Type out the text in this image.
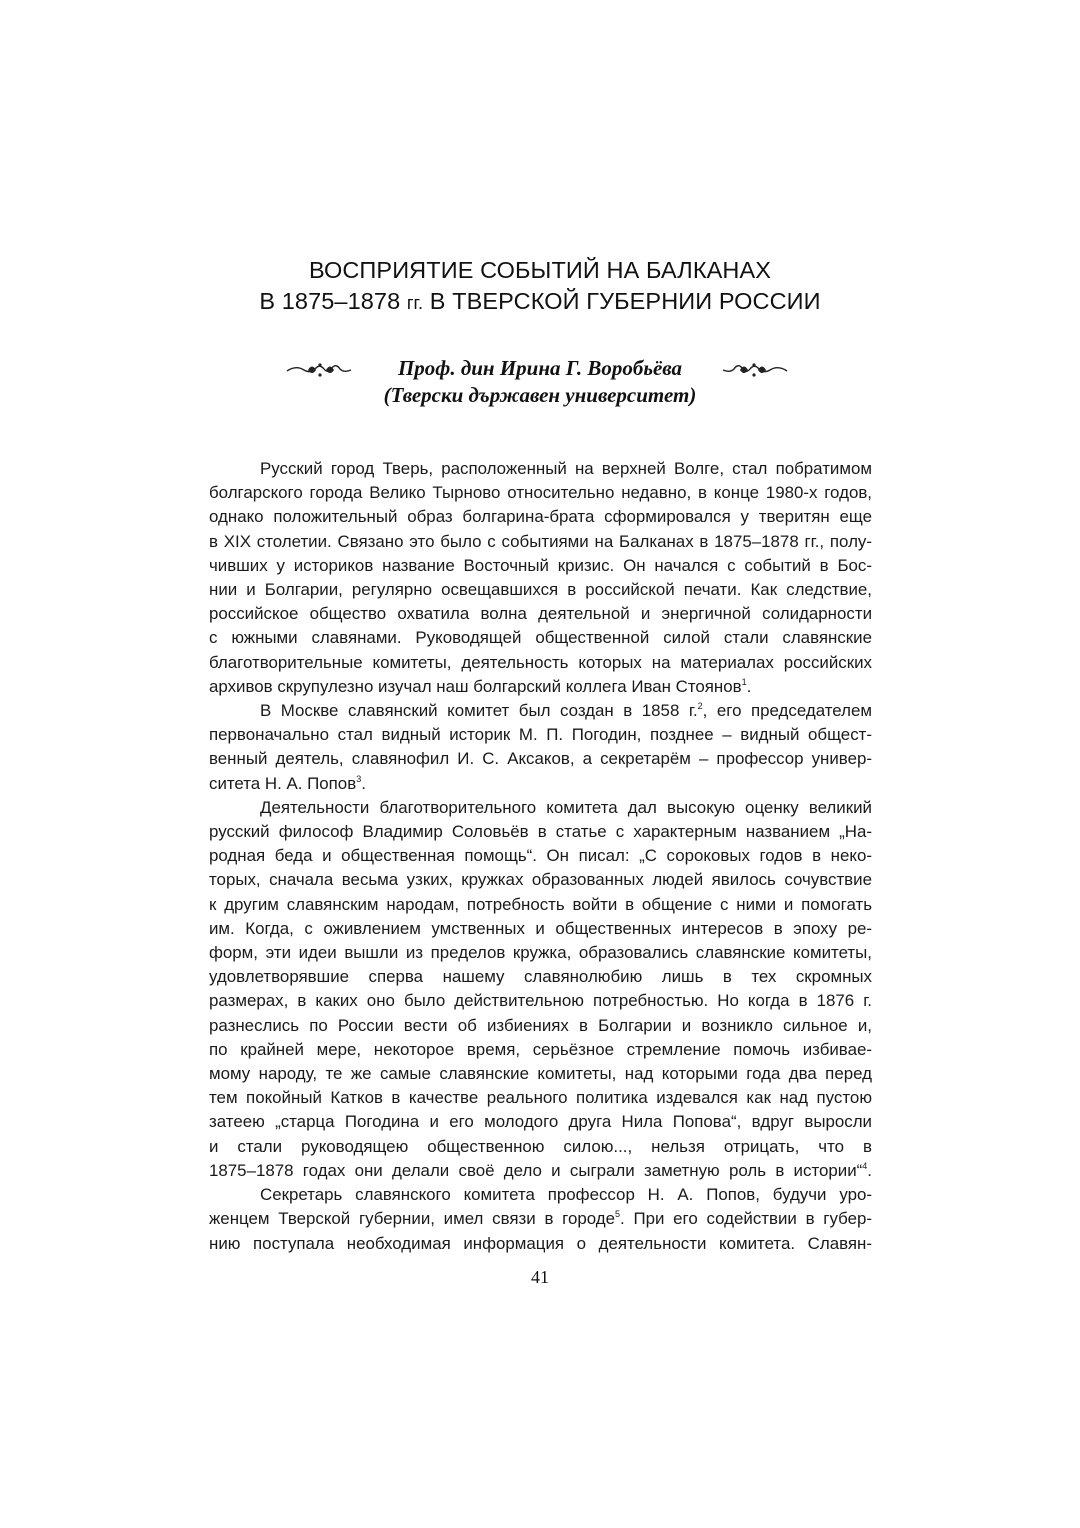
ВОСПРИЯТИЕ СОБЫТИЙ НА БАЛКАНАХ
В 1875–1878 гг. В ТВЕРСКОЙ ГУБЕРНИИ РОССИИ
Проф. дин Ирина Г. Воробьёва
(Тверски държавен университет)
Русский город Тверь, расположенный на верхней Волге, стал побратимом
болгарского города Велико Тырново относительно недавно, в конце 1980-х годов,
однако положительный образ болгарина-брата сформировался у тверитян еще
в XIX столетии. Связано это было с событиями на Балканах в 1875–1878 гг., полу-
чивших у историков название Восточный кризис. Он начался с событий в Бос-
нии и Болгарии, регулярно освещавшихся в российской печати. Как следствие,
российское общество охватила волна деятельной и энергичной солидарности
с южными славянами. Руководящей общественной силой стали славянские
благотворительные комитеты, деятельность которых на материалах российских
архивов скрупулезно изучал наш болгарский коллега Иван Стоянов$^1$.
В Москве славянский комитет был создан в 1858 г.$^2$, его председателем
первоначально стал видный историк М. П. Погодин, позднее – видный общест-
венный деятель, славянофил И. С. Аксаков, а секретарём – профессор универ-
ситета Н. А. Попов$^3$.
Деятельности благотворительного комитета дал высокую оценку великий
русский философ Владимир Соловьёв в статье с характерным названием „На-
родная беда и общественная помощь“. Он писал: „С сороковых годов в неко-
торых, сначала весьма узких, кружках образованных людей явилось сочувствие
к другим славянским народам, потребность войти в общение с ними и помогать
им. Когда, с оживлением умственных и общественных интересов в эпоху ре-
форм, эти идеи вышли из пределов кружка, образовались славянские комитеты,
удовлетворявшие сперва нашему славянолюбию лишь в тех скромных
размерах, в каких оно было действительною потребностью. Но когда в 1876 г.
разнеслись по России вести об избиениях в Болгарии и возникло сильное и,
по крайней мере, некоторое время, серьёзное стремление помочь избивае-
мому народу, те же самые славянские комитеты, над которыми года два перед
тем покойный Катков в качестве реального политика издевался как над пустою
затеею „старца Погодина и его молодого друга Нила Попова“, вдруг выросли
и стали руководящею общественною силою..., нельзя отрицать, что в
1875–1878 годах они делали своё дело и сыграли заметную роль в истории“$^4$.
Секретарь славянского комитета профессор Н. А. Попов, будучи уро-
женцем Тверской губернии, имел связи в городе$^5$. При его содействии в губер-
нию поступала необходимая информация о деятельности комитета. Славян-
41
